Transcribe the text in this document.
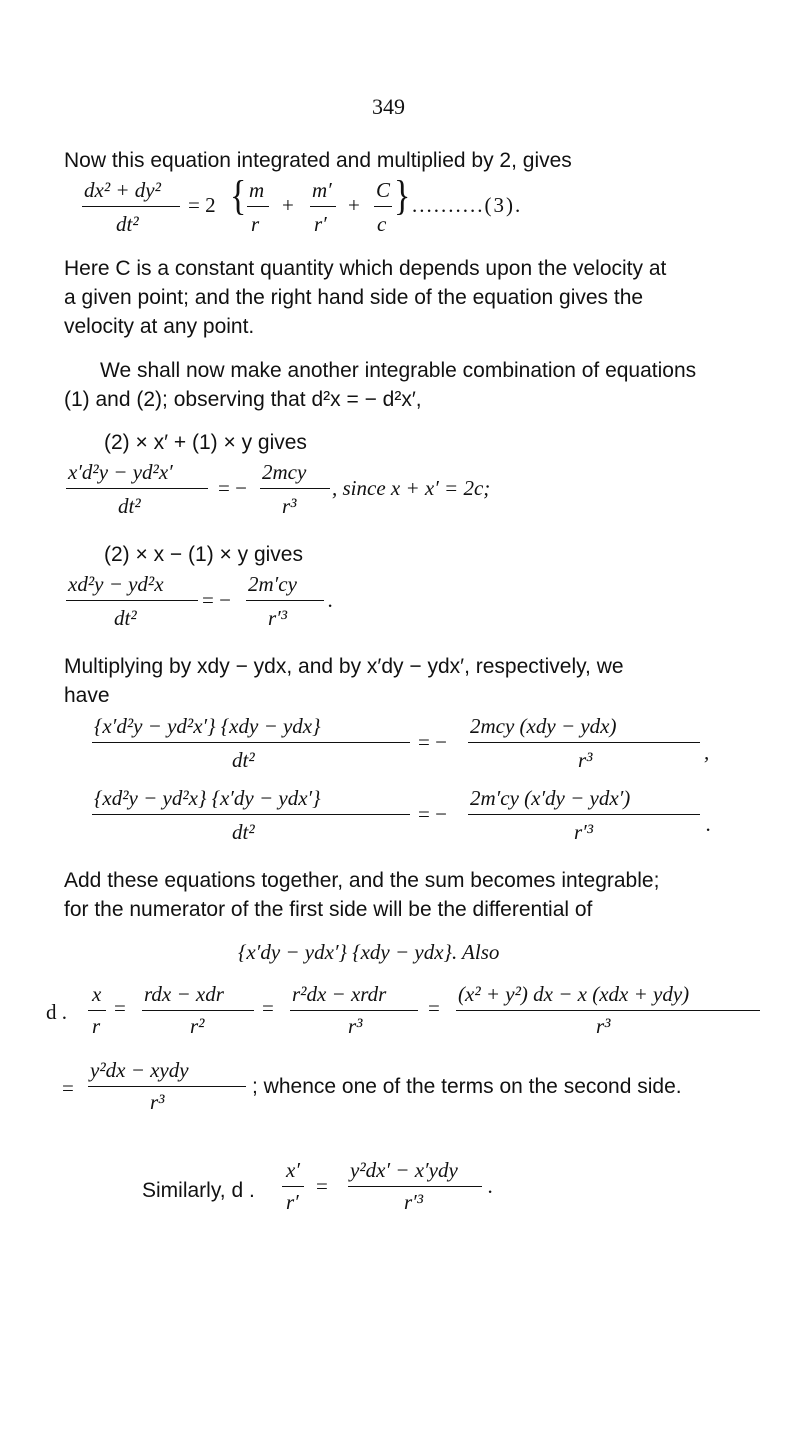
349
Now this equation integrated and multiplied by 2, gives
dx² + dy²
dt²
= 2 { m
r
+
m′
r′
+
C
c
} ..........(3).
Here C is a constant quantity which depends upon the velocity at
a given point; and the right hand side of the equation gives the
velocity at any point.
We shall now make another integrable combination of equations
(1) and (2); observing that d²x = − d²x′,
(2) × x′ + (1) × y gives
x′d²y − yd²x′
dt²
= −
2mcy
r³
, since x + x′ = 2c;
(2) × x − (1) × y gives
xd²y − yd²x
dt²
= −
2m′cy
r′³
.
Multiplying by xdy − ydx, and by x′dy − ydx′, respectively, we
have
{x′d²y − yd²x′} {xdy − ydx}
dt²
= −
2mcy (xdy − ydx)
r³	,
{xd²y − yd²x} {x′dy − ydx′}
dt²
= −
2m′cy (x′dy − ydx′)
r′³	.
Add these equations together, and the sum becomes integrable;
for the numerator of the first side will be the differential of
{x′dy − ydx′} {xdy − ydx}. Also
d .
x
r
=
rdx − xdr
r²
=
r²dx − xrdr
r³
=
(x² + y²) dx − x (xdx + ydy)
r³
=
y²dx − xydy
r³
; whence one of the terms on the second side.
Similarly, d .
x′
r′
=
y²dx′ − x′ydy
r′³
.
